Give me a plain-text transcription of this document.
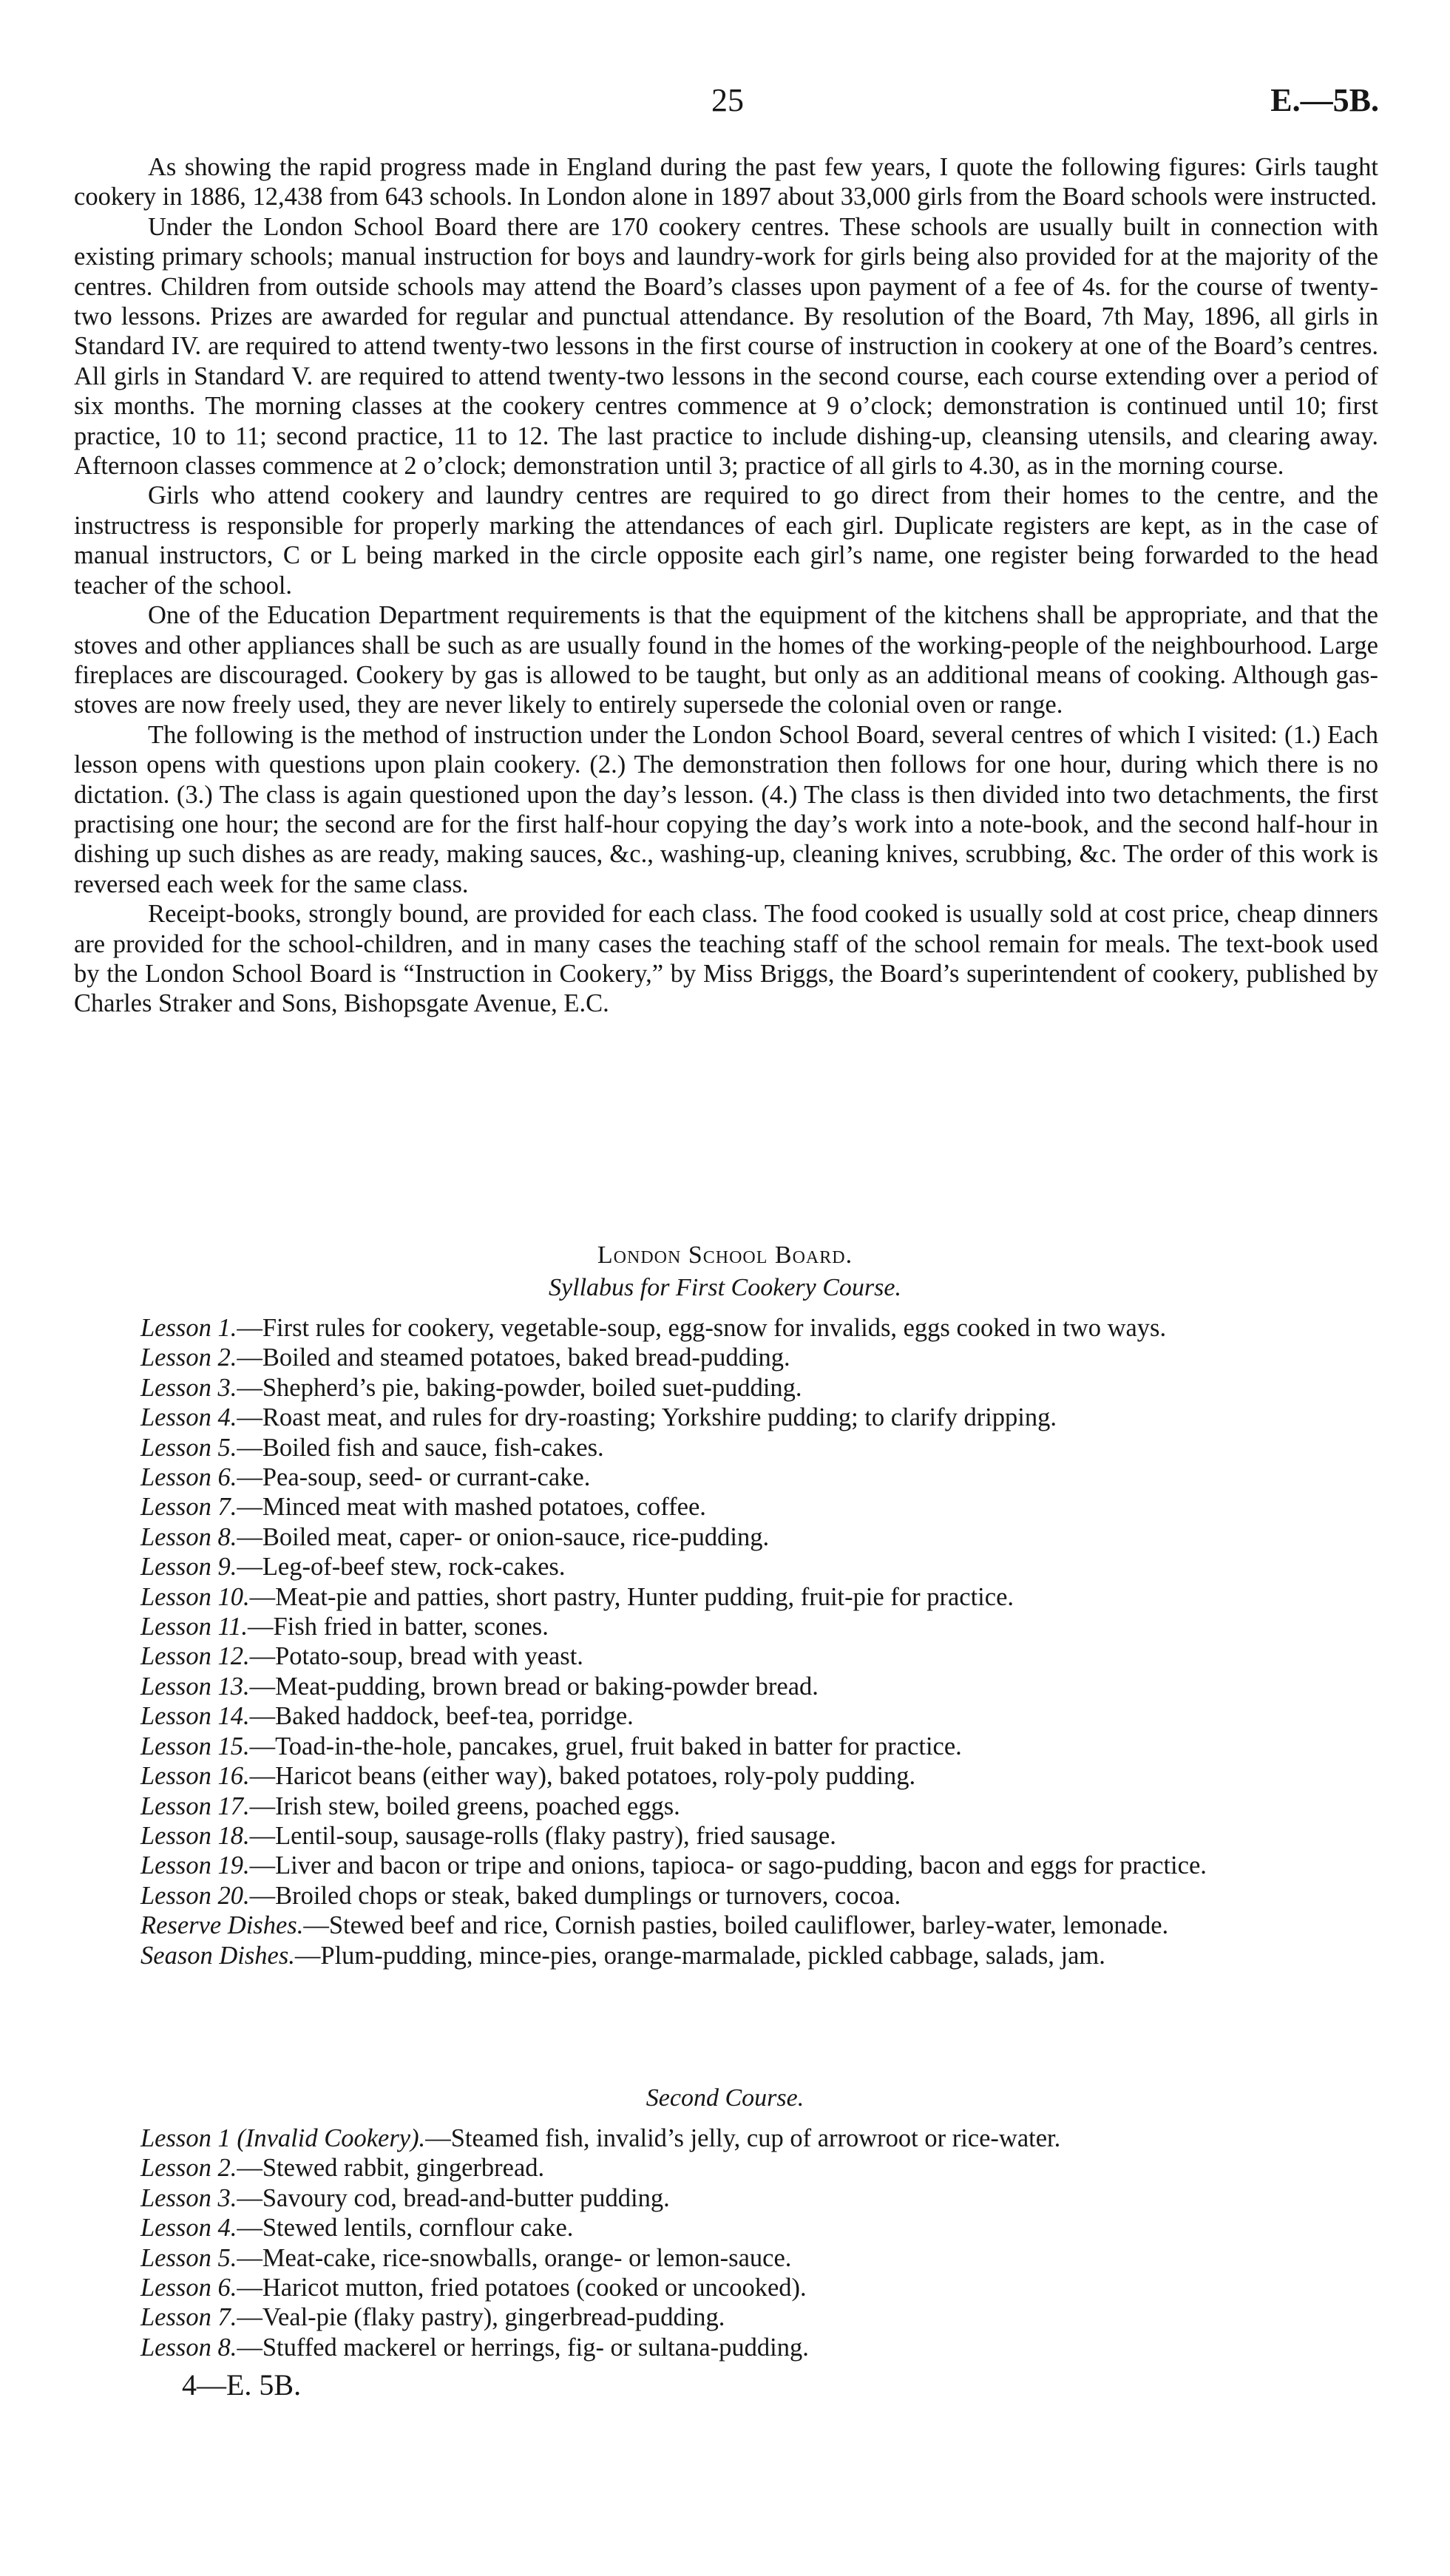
25	E.—5B.

As showing the rapid progress made in England during the past few years, I quote the following figures: Girls taught cookery in 1886, 12,438 from 643 schools. In London alone in 1897 about 33,000 girls from the Board schools were instructed.

Under the London School Board there are 170 cookery centres. These schools are usually built in connection with existing primary schools; manual instruction for boys and laundry-work for girls being also provided for at the majority of the centres. Children from outside schools may attend the Board’s classes upon payment of a fee of 4s. for the course of twenty-two lessons. Prizes are awarded for regular and punctual attendance. By resolution of the Board, 7th May, 1896, all girls in Standard IV. are required to attend twenty-two lessons in the first course of instruction in cookery at one of the Board’s centres. All girls in Standard V. are required to attend twenty-two lessons in the second course, each course extending over a period of six months. The morning classes at the cookery centres commence at 9 o’clock; demonstration is continued until 10; first practice, 10 to 11; second practice, 11 to 12. The last practice to include dishing-up, cleansing utensils, and clearing away. Afternoon classes commence at 2 o’clock; demonstration until 3; practice of all girls to 4.30, as in the morning course.

Girls who attend cookery and laundry centres are required to go direct from their homes to the centre, and the instructress is responsible for properly marking the attendances of each girl. Duplicate registers are kept, as in the case of manual instructors, C or L being marked in the circle opposite each girl’s name, one register being forwarded to the head teacher of the school.

One of the Education Department requirements is that the equipment of the kitchens shall be appropriate, and that the stoves and other appliances shall be such as are usually found in the homes of the working-people of the neighbourhood. Large fireplaces are discouraged. Cookery by gas is allowed to be taught, but only as an additional means of cooking. Although gas-stoves are now freely used, they are never likely to entirely supersede the colonial oven or range.

The following is the method of instruction under the London School Board, several centres of which I visited: (1.) Each lesson opens with questions upon plain cookery. (2.) The demonstration then follows for one hour, during which there is no dictation. (3.) The class is again questioned upon the day’s lesson. (4.) The class is then divided into two detachments, the first practising one hour; the second are for the first half-hour copying the day’s work into a note-book, and the second half-hour in dishing up such dishes as are ready, making sauces, &c., washing-up, cleaning knives, scrubbing, &c. The order of this work is reversed each week for the same class.

Receipt-books, strongly bound, are provided for each class. The food cooked is usually sold at cost price, cheap dinners are provided for the school-children, and in many cases the teaching staff of the school remain for meals. The text-book used by the London School Board is “Instruction in Cookery,” by Miss Briggs, the Board’s superintendent of cookery, published by Charles Straker and Sons, Bishopsgate Avenue, E.C.

London School Board.
Syllabus for First Cookery Course.

Lesson 1.—First rules for cookery, vegetable-soup, egg-snow for invalids, eggs cooked in two ways.

Lesson 2.—Boiled and steamed potatoes, baked bread-pudding.

Lesson 3.—Shepherd’s pie, baking-powder, boiled suet-pudding.

Lesson 4.—Roast meat, and rules for dry-roasting; Yorkshire pudding; to clarify dripping.

Lesson 5.—Boiled fish and sauce, fish-cakes.

Lesson 6.—Pea-soup, seed- or currant-cake.

Lesson 7.—Minced meat with mashed potatoes, coffee.

Lesson 8.—Boiled meat, caper- or onion-sauce, rice-pudding.

Lesson 9.—Leg-of-beef stew, rock-cakes.

Lesson 10.—Meat-pie and patties, short pastry, Hunter pudding, fruit-pie for practice.

Lesson 11.—Fish fried in batter, scones.

Lesson 12.—Potato-soup, bread with yeast.

Lesson 13.—Meat-pudding, brown bread or baking-powder bread.

Lesson 14.—Baked haddock, beef-tea, porridge.

Lesson 15.—Toad-in-the-hole, pancakes, gruel, fruit baked in batter for practice.

Lesson 16.—Haricot beans (either way), baked potatoes, roly-poly pudding.

Lesson 17.—Irish stew, boiled greens, poached eggs.

Lesson 18.—Lentil-soup, sausage-rolls (flaky pastry), fried sausage.

Lesson 19.—Liver and bacon or tripe and onions, tapioca- or sago-pudding, bacon and eggs for practice.

Lesson 20.—Broiled chops or steak, baked dumplings or turnovers, cocoa.

Reserve Dishes.—Stewed beef and rice, Cornish pasties, boiled cauliflower, barley-water, lemonade.

Season Dishes.—Plum-pudding, mince-pies, orange-marmalade, pickled cabbage, salads, jam.

Second Course.

Lesson 1 (Invalid Cookery).—Steamed fish, invalid’s jelly, cup of arrowroot or rice-water.

Lesson 2.—Stewed rabbit, gingerbread.

Lesson 3.—Savoury cod, bread-and-butter pudding.

Lesson 4.—Stewed lentils, cornflour cake.

Lesson 5.—Meat-cake, rice-snowballs, orange- or lemon-sauce.

Lesson 6.—Haricot mutton, fried potatoes (cooked or uncooked).

Lesson 7.—Veal-pie (flaky pastry), gingerbread-pudding.

Lesson 8.—Stuffed mackerel or herrings, fig- or sultana-pudding.

4—E. 5B.
